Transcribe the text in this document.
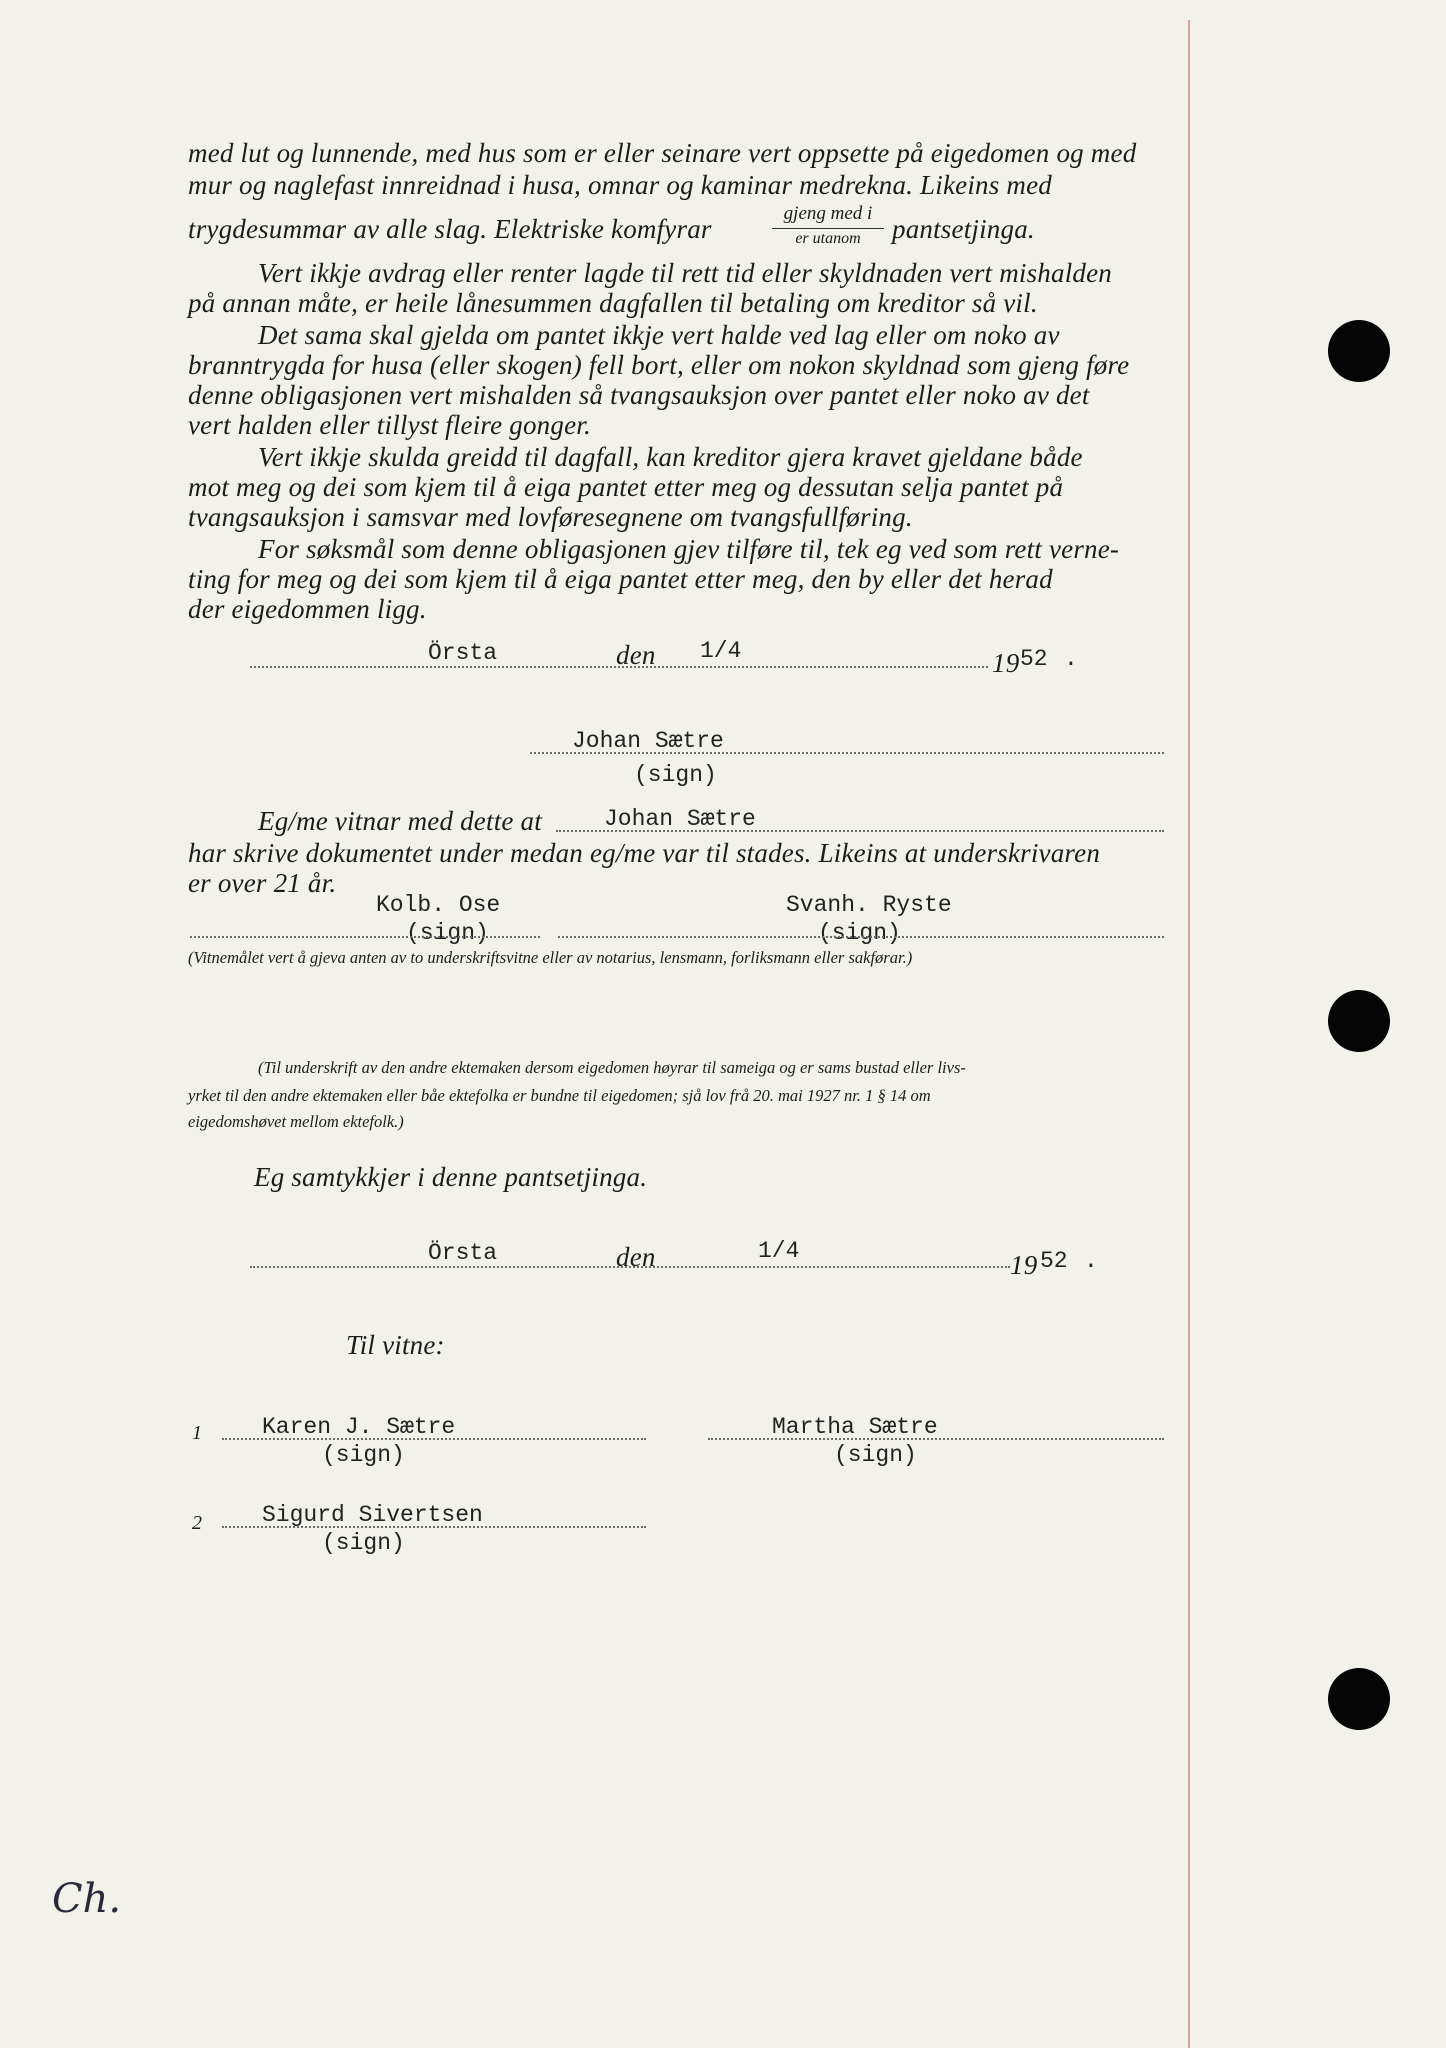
med lut og lunnende, med hus som er eller seinare vert oppsette på eigedomen og med
mur og naglefast innreidnad i husa, omnar og kaminar medrekna. Likeins med
trygdesummar av alle slag. Elektriske komfyrar
gjeng med i
er utanom	pantsetjinga.
Vert ikkje avdrag eller renter lagde til rett tid eller skyldnaden vert mishalden
på annan måte, er heile lånesummen dagfallen til betaling om kreditor så vil.
Det sama skal gjelda om pantet ikkje vert halde ved lag eller om noko av
branntrygda for husa (eller skogen) fell bort, eller om nokon skyldnad som gjeng føre
denne obligasjonen vert mishalden så tvangsauksjon over pantet eller noko av det
vert halden eller tillyst fleire gonger.
Vert ikkje skulda greidd til dagfall, kan kreditor gjera kravet gjeldane både
mot meg og dei som kjem til å eiga pantet etter meg og dessutan selja pantet på
tvangsauksjon i samsvar med lovføresegnene om tvangsfullføring.
For søksmål som denne obligasjonen gjev tilføre til, tek eg ved som rett verne-
ting for meg og dei som kjem til å eiga pantet etter meg, den by eller det herad
der eigedommen ligg.
Örsta	den 1/4	19 52 .
Johan Sætre
(sign)
Eg/me vitnar med dette at	Johan Sætre
har skrive dokumentet under medan eg/me var til stades. Likeins at underskrivaren
er over 21 år.
Kolb. Ose
(sign)
Svanh. Ryste
(sign)
(Vitnemålet vert å gjeva anten av to underskriftsvitne eller av notarius, lensmann, forliksmann eller sakførar.)
(Til underskrift av den andre ektemaken dersom eigedomen høyrar til sameiga og er sams bustad eller livs-
yrket til den andre ektemaken eller båe ektefolka er bundne til eigedomen; sjå lov frå 20. mai 1927 nr. 1 § 14 om
eigedomshøvet mellom ektefolk.)
Eg samtykkjer i denne pantsetjinga.
Örsta	den	1/4	19 52 .
Til vitne:
1	Karen J. Sætre
(sign)
Martha Sætre
(sign)
2	Sigurd Sivertsen
(sign)
Ch.
